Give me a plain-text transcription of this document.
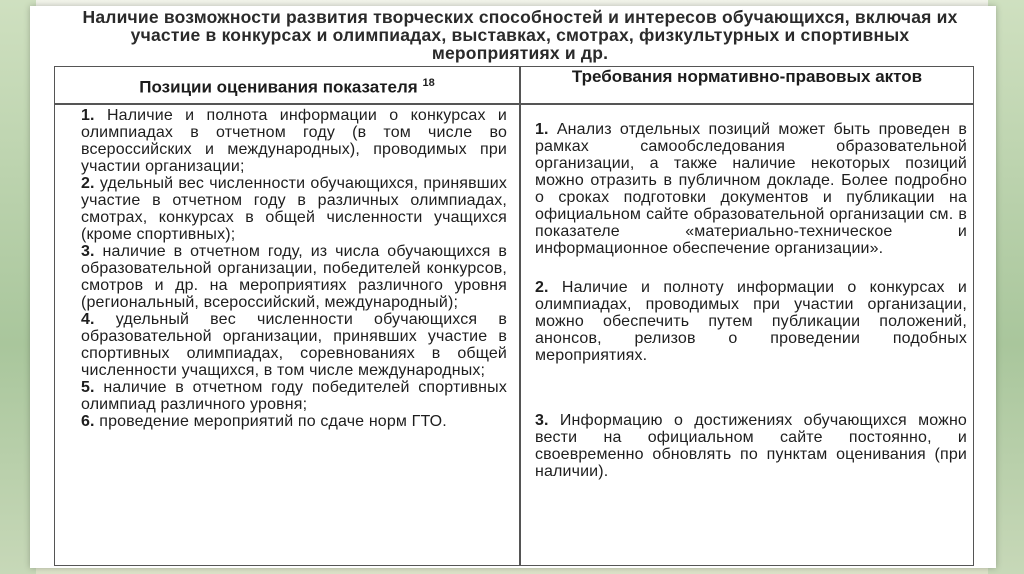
Наличие возможности развития творческих способностей и интересов обучающихся, включая их участие в конкурсах и олимпиадах, выставках, смотрах, физкультурных и спортивных мероприятиях и др.
Позиции оценивания показателя $^{18}$

1. Наличие и полнота информации о конкурсах и олимпиадах в отчетном году (в том числе во всероссийских и международных), проводимых при участии организации;

2. удельный вес численности обучающихся, принявших участие в отчетном году в различных олимпиадах, смотрах, конкурсах в общей численности учащихся (кроме спортивных);

3. наличие в отчетном году, из числа обучающихся в образовательной организации, победителей конкурсов, смотров и др. на мероприятиях различного уровня (региональный, всероссийский, международный);

4. удельный вес численности обучающихся в образовательной организации, принявших участие в спортивных олимпиадах, соревнованиях в общей численности учащихся, в том числе международных;

5. наличие в отчетном году победителей спортивных олимпиад различного уровня;

6. проведение мероприятий по сдаче норм ГТО.

Требования нормативно-правовых актов

1. Анализ отдельных позиций может быть проведен в рамках самообследования образовательной организации, а также наличие некоторых позиций можно отразить в публичном докладе. Более подробно о сроках подготовки документов и публикации на официальном сайте образовательной организации см. в показателе «материально-техническое и информационное обеспечение организации».

2. Наличие и полноту информации о конкурсах и олимпиадах, проводимых при участии организации, можно обеспечить путем публикации положений, анонсов, релизов о проведении подобных мероприятиях.

3. Информацию о достижениях обучающихся можно вести на официальном сайте постоянно, и своевременно обновлять по пунктам оценивания (при наличии).
